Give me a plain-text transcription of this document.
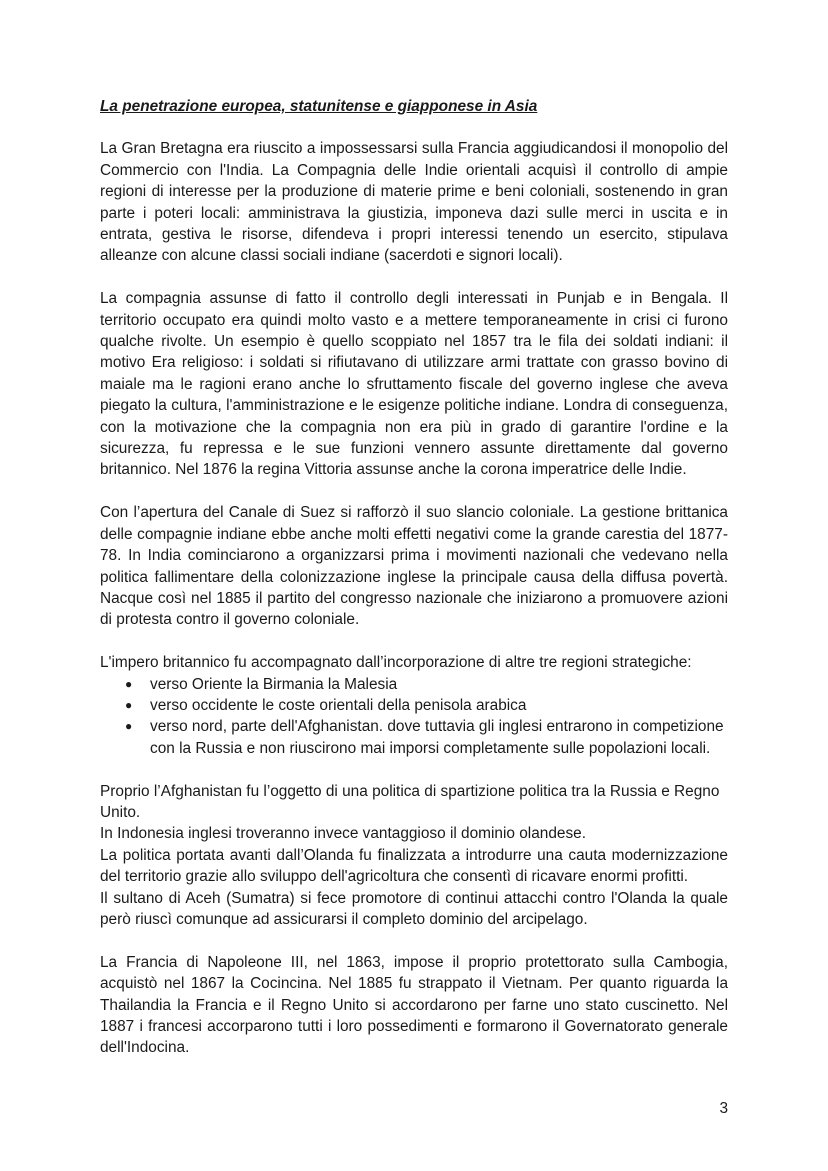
La penetrazione europea, statunitense e giapponese in Asia

La Gran Bretagna era riuscito a impossessarsi sulla Francia aggiudicandosi il monopolio del Commercio con l'India. La Compagnia delle Indie orientali acquisì il controllo di ampie regioni di interesse per la produzione di materie prime e beni coloniali, sostenendo in gran parte i poteri locali: amministrava la giustizia, imponeva dazi sulle merci in uscita e in entrata, gestiva le risorse, difendeva i propri interessi tenendo un esercito, stipulava alleanze con alcune classi sociali indiane (sacerdoti e signori locali).

La compagnia assunse di fatto il controllo degli interessati in Punjab e in Bengala. Il territorio occupato era quindi molto vasto e a mettere temporaneamente in crisi ci furono qualche rivolte. Un esempio è quello scoppiato nel 1857 tra le fila dei soldati indiani: il motivo Era religioso: i soldati si rifiutavano di utilizzare armi trattate con grasso bovino di maiale ma le ragioni erano anche lo sfruttamento fiscale del governo inglese che aveva piegato la cultura, l'amministrazione e le esigenze politiche indiane. Londra di conseguenza, con la motivazione che la compagnia non era più in grado di garantire l'ordine e la sicurezza, fu repressa e le sue funzioni vennero assunte direttamente dal governo britannico. Nel 1876 la regina Vittoria assunse anche la corona imperatrice delle Indie.

Con l’apertura del Canale di Suez si rafforzò il suo slancio coloniale. La gestione brittanica delle compagnie indiane ebbe anche molti effetti negativi come la grande carestia del 1877-78. In India cominciarono a organizzarsi prima i movimenti nazionali che vedevano nella politica fallimentare della colonizzazione inglese la principale causa della diffusa povertà. Nacque così nel 1885 il partito del congresso nazionale che iniziarono a promuovere azioni di protesta contro il governo coloniale.

L'impero britannico fu accompagnato dall’incorporazione di altre tre regioni strategiche:

● verso Oriente la Birmania la Malesia
● verso occidente le coste orientali della penisola arabica
● verso nord, parte dell'Afghanistan. dove tuttavia gli inglesi entrarono in competizione con la Russia e non riuscirono mai imporsi completamente sulle popolazioni locali.
Proprio l’Afghanistan fu l’oggetto di una politica di spartizione politica tra la Russia e Regno Unito.
In Indonesia inglesi troveranno invece vantaggioso il dominio olandese.
La politica portata avanti dall’Olanda fu finalizzata a introdurre una cauta modernizzazione del territorio grazie allo sviluppo dell'agricoltura che consentì di ricavare enormi profitti.
Il sultano di Aceh (Sumatra) si fece promotore di continui attacchi contro l'Olanda la quale però riuscì comunque ad assicurarsi il completo dominio del arcipelago.

La Francia di Napoleone III, nel 1863, impose il proprio protettorato sulla Cambogia, acquistò nel 1867 la Cocincina. Nel 1885 fu strappato il Vietnam. Per quanto riguarda la Thailandia la Francia e il Regno Unito si accordarono per farne uno stato cuscinetto. Nel 1887 i francesi accorparono tutti i loro possedimenti e formarono il Governatorato generale dell'Indocina.

3
